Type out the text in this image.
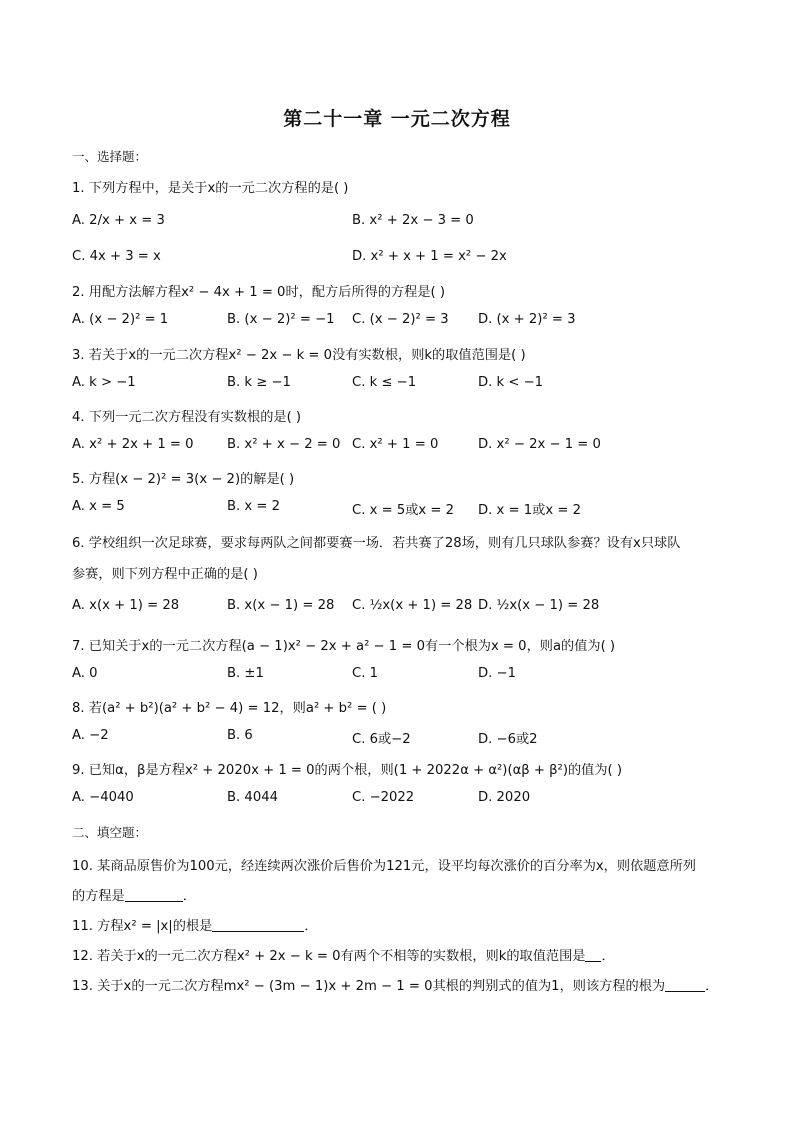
第二十一章 一元二次方程
一、选择题：
1. 下列方程中，是关于x的一元二次方程的是( )
A. 2/x + x = 3	B. x² + 2x − 3 = 0
C. 4x + 3 = x	D. x² + x + 1 = x² − 2x
2. 用配方法解方程x² − 4x + 1 = 0时，配方后所得的方程是( )
A. (x − 2)² = 1	B. (x − 2)² = −1 C. (x − 2)² = 3 D. (x + 2)² = 3
3. 若关于x的一元二次方程x² − 2x − k = 0没有实数根，则k的取值范围是( )
A. k > −1	B. k ≥ −1	C. k ≤ −1	D. k < −1
4. 下列一元二次方程没有实数根的是( )
A. x² + 2x + 1 = 0	B. x² + x − 2 = 0 C. x² + 1 = 0	D. x² − 2x − 1 = 0
5. 方程(x − 2)² = 3(x − 2)的解是( )
A. x = 5	B. x = 2	C. x = 5或x = 2 D. x = 1或x = 2
6. 学校组织一次足球赛，要求每两队之间都要赛一场．若共赛了28场，则有几只球队参赛？设有x只球队
参赛，则下列方程中正确的是( )
A. x(x + 1) = 28	B. x(x − 1) = 28 C. ½x(x + 1) = 28 D. ½x(x − 1) = 28
7. 已知关于x的一元二次方程(a − 1)x² − 2x + a² − 1 = 0有一个根为x = 0，则a的值为( )
A. 0	B. ±1	C. 1	D. −1
8. 若(a² + b²)(a² + b² − 4) = 12，则a² + b² = ( )
A. −2	B. 6	C. 6或−2	D. −6或2
9. 已知α，β是方程x² + 2020x + 1 = 0的两个根，则(1 + 2022α + α²)(αβ + β²)的值为( )
A. −4040	B. 4044	C. −2022	D. 2020
二、填空题：
10. 某商品原售价为100元，经连续两次涨价后售价为121元，设平均每次涨价的百分率为x，则依题意所列
的方程是	．
11. 方程x² = |x|的根是	．
12. 若关于x的一元二次方程x² + 2x − k = 0有两个不相等的实数根，则k的取值范围是 ．
13. 关于x的一元二次方程mx² − (3m − 1)x + 2m − 1 = 0其根的判别式的值为1，则该方程的根为	．
